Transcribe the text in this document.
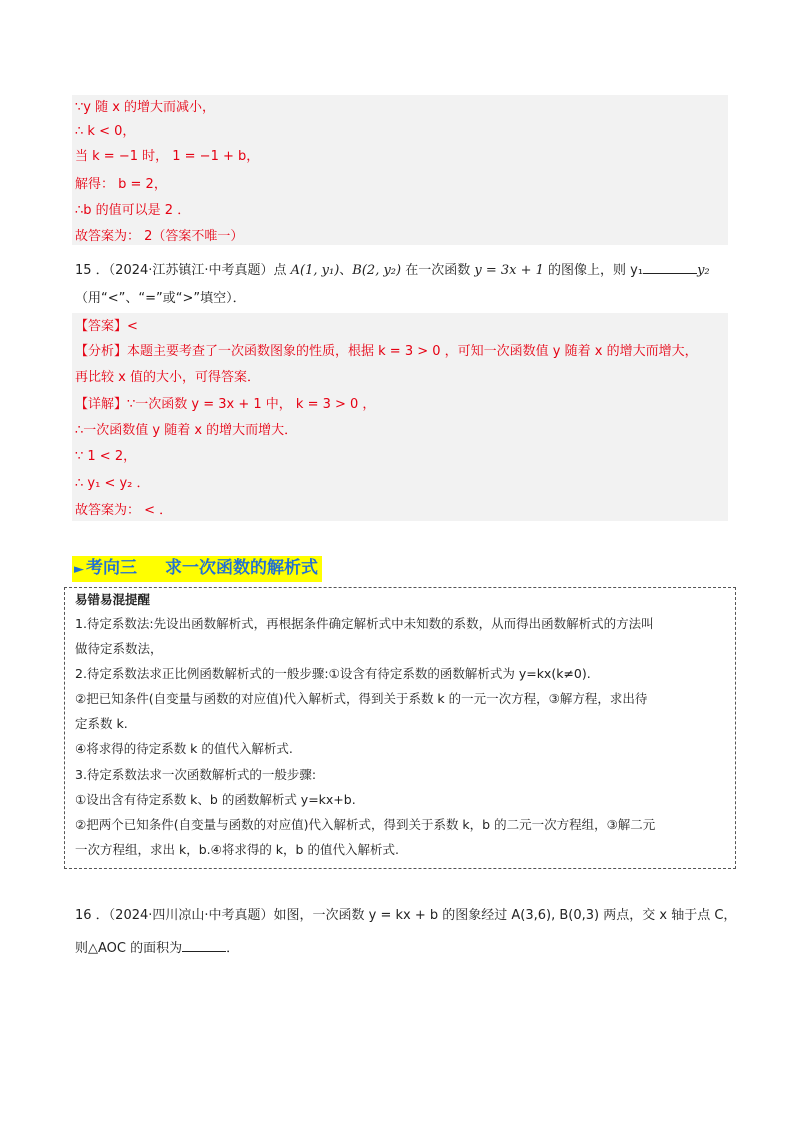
∵y 随 x 的增大而减小，
∴ k < 0，
当 k = −1 时， 1 = −1 + b，
解得： b = 2，
∴b 的值可以是 2 ．
故答案为： 2（答案不唯一）
15 ．（2024·江苏镇江·中考真题）点 A(1, y₁)、B(2, y₂) 在一次函数 y = 3x + 1 的图像上，则 y₁	y₂
（用“<”、“=”或“>”填空）．
【答案】<
【分析】本题主要考查了一次函数图象的性质，根据 k = 3 > 0 ，可知一次函数值 y 随着 x 的增大而增大，
再比较 x 值的大小，可得答案．
【详解】∵一次函数 y = 3x + 1 中， k = 3 > 0 ，
∴一次函数值 y 随着 x 的增大而增大．
∵ 1 < 2，
∴ y₁ < y₂ ．
故答案为： < ．
► 考向三 求一次函数的解析式
易错易混提醒
1.待定系数法:先设出函数解析式，再根据条件确定解析式中未知数的系数，从而得出函数解析式的方法叫
做待定系数法，
2.待定系数法求正比例函数解析式的一般步骤:①设含有待定系数的函数解析式为 y=kx(k≠0).
②把已知条件(自变量与函数的对应值)代入解析式，得到关于系数 k 的一元一次方程，③解方程，求出待
定系数 k.
④将求得的待定系数 k 的值代入解析式.
3.待定系数法求一次函数解析式的一般步骤:
①设出含有待定系数 k、b 的函数解析式 y=kx+b.
②把两个已知条件(自变量与函数的对应值)代入解析式，得到关于系数 k，b 的二元一次方程组，③解二元
一次方程组，求出 k，b.④将求得的 k，b 的值代入解析式.
16 ．（2024·四川凉山·中考真题）如图，一次函数 y = kx + b 的图象经过 A(3,6), B(0,3) 两点，交 x 轴于点 C，
则△AOC 的面积为	．
